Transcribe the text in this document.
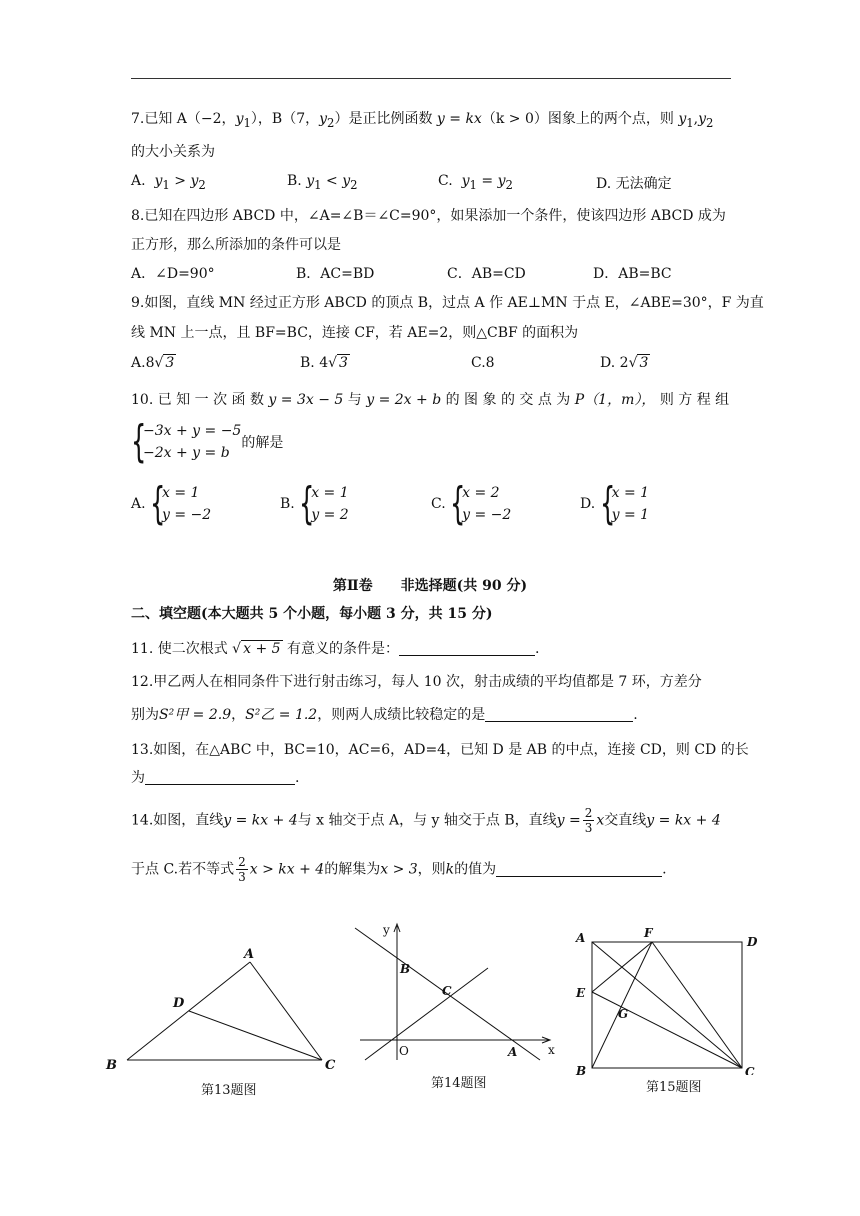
7.已知 A（−2，$y_1$），B（7，$y_2$）是正比例函数 y = kx（k > 0）图象上的两个点，则 $y_1,y_2$
的大小关系为
A. $y_1 > y_2$	B. $y_1 < y_2$	C. $y_1 = y_2$	D. 无法确定
8.已知在四边形 ABCD 中，∠A=∠B＝∠C=90°，如果添加一个条件，使该四边形 ABCD 成为
正方形，那么所添加的条件可以是
A．∠D=90°	B．AC=BD	C．AB=CD	D．AB=BC
9.如图，直线 MN 经过正方形 ABCD 的顶点 B，过点 A 作 AE⊥MN 于点 E，∠ABE=30°，F 为直
线 MN 上一点，且 BF=BC，连接 CF，若 AE=2，则△CBF 的面积为
A.8√ 3	B. 4√ 3	C.8	D. 2√ 3
10. 已 知 一 次 函 数 y = 3x − 5 与 y = 2x + b 的 图 象 的 交 点 为 P（1，m）， 则 方 程 组
{
−3x + y = −5
−2x + y = b
的解是
A. {
x = 1
y = −2
B. {
x = 1
y = 2
C. {
x = 2
y = −2
D. {
x = 1
y = 1
第Ⅱ卷　　非选择题(共 90 分)
二、填空题(本大题共 5 个小题，每小题 3 分，共 15 分)
11. 使二次根式 √ x + 5 有意义的条件是：	.
12.甲乙两人在相同条件下进行射击练习，每人 10 次，射击成绩的平均值都是 7 环，方差分
别为S²甲 = 2.9，S²乙 = 1.2，则两人成绩比较稳定的是	.
13.如图，在△ABC 中，BC=10，AC=6，AD=4，已知 D 是 AB 的中点，连接 CD，则 CD 的长
为	.
14.如图，直线y = kx + 4与 x 轴交于点 A，与 y 轴交于点 B，直线$y = \frac{2}{3}$ x交直线y = kx + 4
于点 C.若不等式 $\frac{2}{3}$ x > kx + 4的解集为x > 3，则k的值为	.
A
D
B	C
第13题图
y
B
C
O	A	x
第14题图
A	F
D
E
G
B	C
第15题图
